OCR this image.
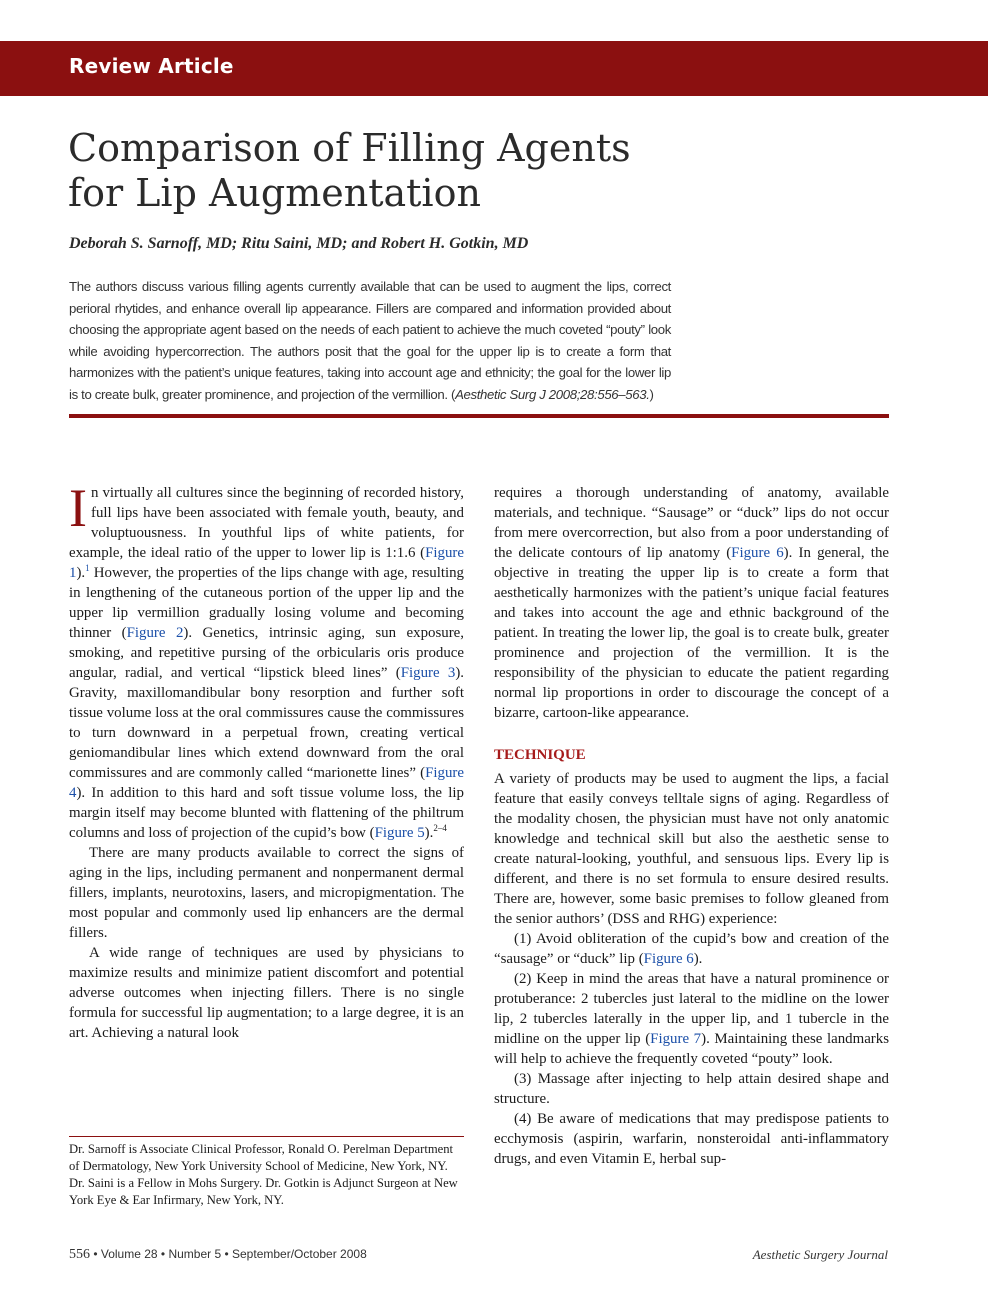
Review Article
Comparison of Filling Agents
for Lip Augmentation
Deborah S. Sarnoff, MD; Ritu Saini, MD; and Robert H. Gotkin, MD
The authors discuss various filling agents currently available that can be used to augment the lips, correct perioral rhytides, and enhance overall lip appearance. Fillers are compared and information provided about choosing the appropriate agent based on the needs of each patient to achieve the much coveted “pouty” look while avoiding hypercorrection. The authors posit that the goal for the upper lip is to create a form that harmonizes with the patient’s unique features, taking into account age and ethnicity; the goal for the lower lip is to create bulk, greater prominence, and projection of the vermillion. (Aesthetic Surg J 2008;28:556–563.)

In virtually all cultures since the beginning of recorded history, full lips have been associated with female youth, beauty, and voluptuousness. In youthful lips of white patients, for example, the ideal ratio of the upper to lower lip is 1:1.6 (Figure 1).$^1$ However, the properties of the lips change with age, resulting in lengthening of the cutaneous portion of the upper lip and the upper lip vermillion gradually losing volume and becoming thinner (Figure 2). Genetics, intrinsic aging, sun exposure, smoking, and repetitive pursing of the orbicularis oris produce angular, radial, and vertical “lipstick bleed lines” (Figure 3). Gravity, maxillomandibular bony resorption and further soft tissue volume loss at the oral commissures cause the commissures to turn downward in a perpetual frown, creating vertical geniomandibular lines which extend downward from the oral commissures and are commonly called “marionette lines” (Figure 4). In addition to this hard and soft tissue volume loss, the lip margin itself may become blunted with flattening of the philtrum columns and loss of projection of the cupid’s bow (Figure 5).$^{2-4}$

There are many products available to correct the signs of aging in the lips, including permanent and nonpermanent dermal fillers, implants, neurotoxins, lasers, and micropigmentation. The most popular and commonly used lip enhancers are the dermal fillers.

A wide range of techniques are used by physicians to maximize results and minimize patient discomfort and potential adverse outcomes when injecting fillers. There is no single formula for successful lip augmentation; to a large degree, it is an art. Achieving a natural look

requires a thorough understanding of anatomy, available materials, and technique. “Sausage” or “duck” lips do not occur from mere overcorrection, but also from a poor understanding of the delicate contours of lip anatomy (Figure 6). In general, the objective in treating the upper lip is to create a form that aesthetically harmonizes with the patient’s unique facial features and takes into account the age and ethnic background of the patient. In treating the lower lip, the goal is to create bulk, greater prominence and projection of the vermillion. It is the responsibility of the physician to educate the patient regarding normal lip proportions in order to discourage the concept of a bizarre, cartoon-like appearance.

TECHNIQUE

A variety of products may be used to augment the lips, a facial feature that easily conveys telltale signs of aging. Regardless of the modality chosen, the physician must have not only anatomic knowledge and technical skill but also the aesthetic sense to create natural-looking, youthful, and sensuous lips. Every lip is different, and there is no set formula to ensure desired results. There are, however, some basic premises to follow gleaned from the senior authors’ (DSS and RHG) experience:

(1) Avoid obliteration of the cupid’s bow and creation of the “sausage” or “duck” lip (Figure 6).

(2) Keep in mind the areas that have a natural prominence or protuberance: 2 tubercles just lateral to the midline on the lower lip, 2 tubercles laterally in the upper lip, and 1 tubercle in the midline on the upper lip (Figure 7). Maintaining these landmarks will help to achieve the frequently coveted “pouty” look.

(3) Massage after injecting to help attain desired shape and structure.

(4) Be aware of medications that may predispose patients to ecchymosis (aspirin, warfarin, nonsteroidal anti-inflammatory drugs, and even Vitamin E, herbal sup-

Dr. Sarnoff is Associate Clinical Professor, Ronald O. Perelman Department of Dermatology, New York University School of Medicine, New York, NY. Dr. Saini is a Fellow in Mohs Surgery. Dr. Gotkin is Adjunct Surgeon at New York Eye & Ear Infirmary, New York, NY.
556 • Volume 28 • Number 5 • September/October 2008	Aesthetic Surgery Journal
